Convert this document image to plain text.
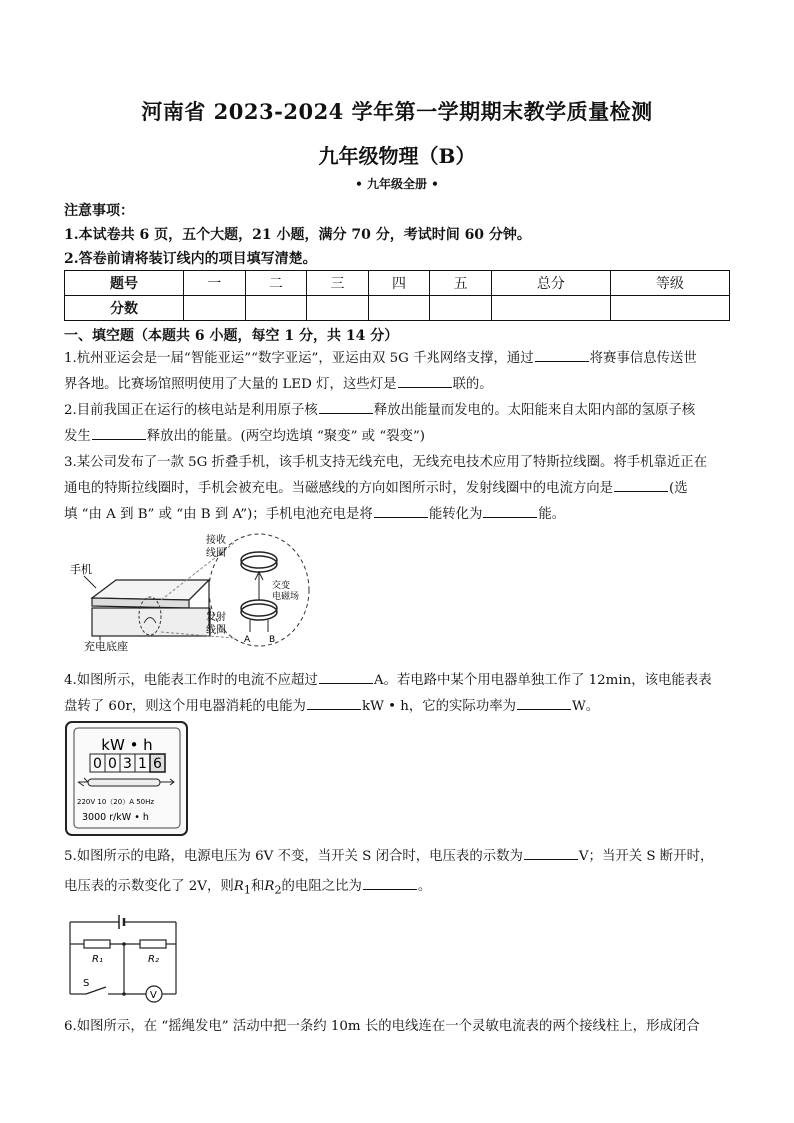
河南省 2023-2024 学年第一学期期末教学质量检测
九年级物理（B）
• 九年级全册 •
注意事项：
1.本试卷共 6 页，五个大题，21 小题，满分 70 分，考试时间 60 分钟。
2.答卷前请将装订线内的项目填写清楚。
题号	一	二	三	四	五	总分	等级
分数							
一、填空题（本题共 6 小题，每空 1 分，共 14 分）
1.杭州亚运会是一届“智能亚运”“数字亚运”，亚运由双 5G 千兆网络支撑，通过	将赛事信息传送世
界各地。比赛场馆照明使用了大量的 LED 灯，这些灯是	联的。
2.目前我国正在运行的核电站是利用原子核	释放出能量而发电的。太阳能来自太阳内部的氢原子核
发生	释放出的能量。(两空均选填 “聚变” 或 “裂变”)
3.某公司发布了一款 5G 折叠手机，该手机支持无线充电，无线充电技术应用了特斯拉线圈。将手机靠近正在
通电的特斯拉线圈时，手机会被充电。当磁感线的方向如图所示时，发射线圈中的电流方向是	(选
填 “由 A 到 B” 或 “由 B 到 A”)；手机电池充电是将	能转化为	能。
手机
充电底座
接收
线圈
交变
电磁场
发射
线圈
A B
4.如图所示，电能表工作时的电流不应超过	A。若电路中某个用电器单独工作了 12min，该电能表表
盘转了 60r，则这个用电器消耗的电能为	kW • h，它的实际功率为	W。
kW • h
0 0 3 1 6
220V 10（20）A 50Hz
3000 r/kW • h
5.如图所示的电路，电源电压为 6V 不变，当开关 S 闭合时，电压表的示数为	V；当开关 S 断开时，
电压表的示数变化了 2V，则$R_1$和$R_2$的电阻之比为	。
R₁	R₂
S
V
6.如图所示，在 “摇绳发电” 活动中把一条约 10m 长的电线连在一个灵敏电流表的两个接线柱上，形成闭合
